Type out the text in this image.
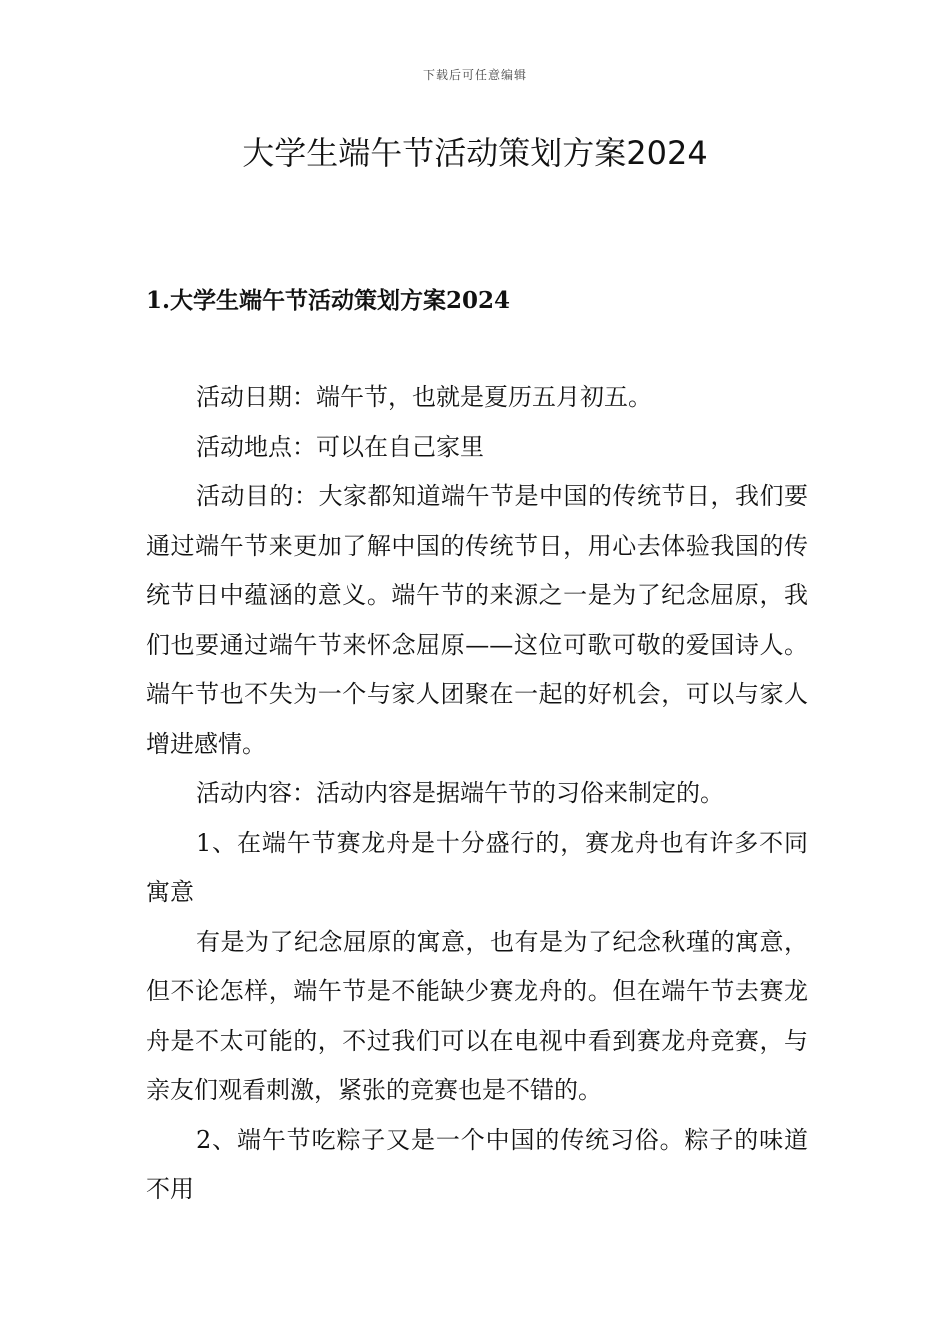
下载后可任意编辑
大学生端午节活动策划方案2024
1.大学生端午节活动策划方案2024

活动日期：端午节，也就是夏历五月初五。

活动地点：可以在自己家里

活动目的：大家都知道端午节是中国的传统节日，我们要通过端午节来更加了解中国的传统节日，用心去体验我国的传统节日中蕴涵的意义。端午节的来源之一是为了纪念屈原，我们也要通过端午节来怀念屈原——这位可歌可敬的爱国诗人。端午节也不失为一个与家人团聚在一起的好机会，可以与家人增进感情。

活动内容：活动内容是据端午节的习俗来制定的。

1、在端午节赛龙舟是十分盛行的，赛龙舟也有许多不同寓意

有是为了纪念屈原的寓意，也有是为了纪念秋瑾的寓意，但不论怎样，端午节是不能缺少赛龙舟的。但在端午节去赛龙舟是不太可能的，不过我们可以在电视中看到赛龙舟竞赛，与亲友们观看刺激，紧张的竞赛也是不错的。

2、端午节吃粽子又是一个中国的传统习俗。粽子的味道不用
